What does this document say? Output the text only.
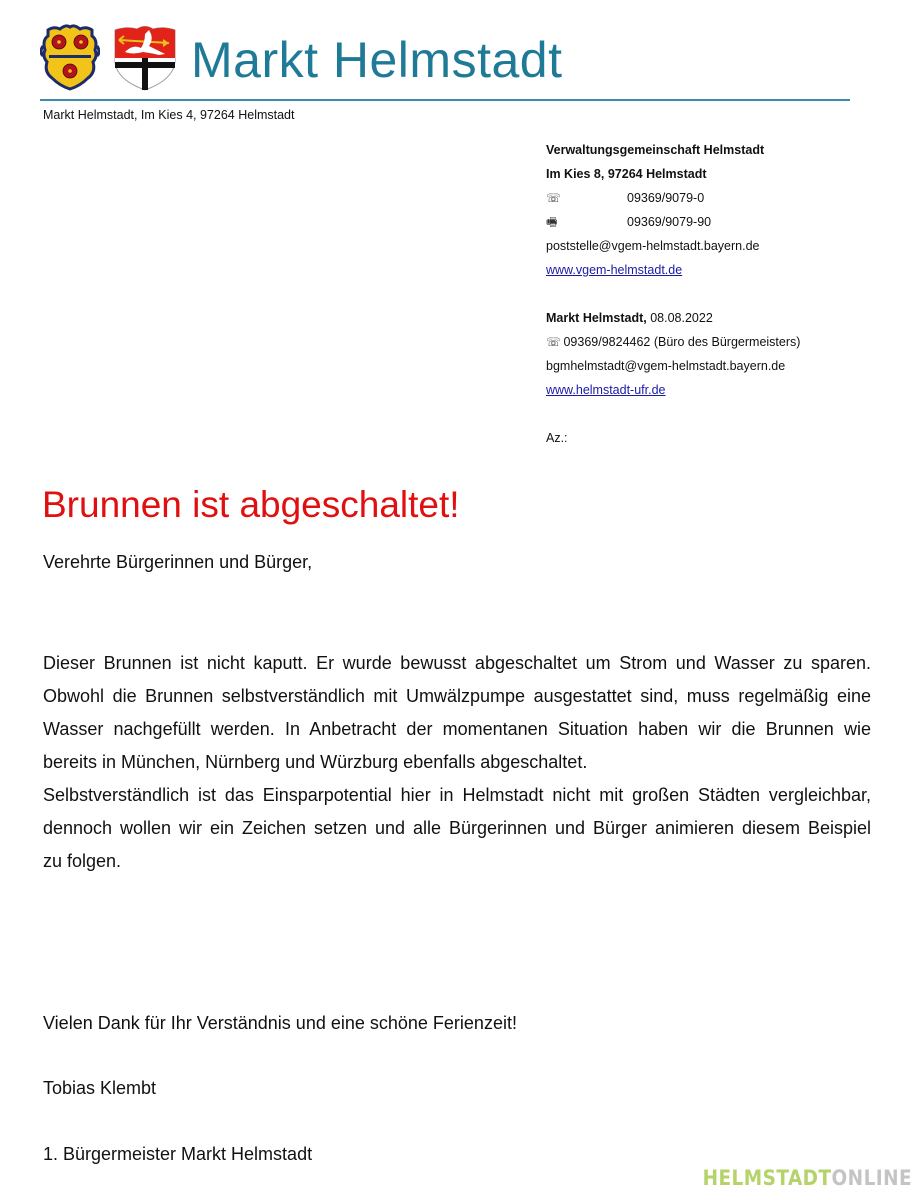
Markt Helmstadt
Markt Helmstadt, Im Kies 4, 97264 Helmstadt
Verwaltungsgemeinschaft Helmstadt
Im Kies 8, 97264 Helmstadt
☏	09369/9079-0
🖷	09369/9079-90
poststelle@vgem-helmstadt.bayern.de
www.vgem-helmstadt.de
Markt Helmstadt, 08.08.2022
☏ 09369/9824462 (Büro des Bürgermeisters)
bgmhelmstadt@vgem-helmstadt.bayern.de
www.helmstadt-ufr.de
Az.:
Brunnen ist abgeschaltet!
Verehrte Bürgerinnen und Bürger,
Dieser Brunnen ist nicht kaputt. Er wurde bewusst abgeschaltet um Strom und Wasser zu sparen.
Obwohl die Brunnen selbstverständlich mit Umwälzpumpe ausgestattet sind, muss regelmäßig eine
Wasser nachgefüllt werden. In Anbetracht der momentanen Situation haben wir die Brunnen wie
bereits in München, Nürnberg und Würzburg ebenfalls abgeschaltet.
Selbstverständlich ist das Einsparpotential hier in Helmstadt nicht mit großen Städten vergleichbar,
dennoch wollen wir ein Zeichen setzen und alle Bürgerinnen und Bürger animieren diesem Beispiel
zu folgen.
Vielen Dank für Ihr Verständnis und eine schöne Ferienzeit!
Tobias Klembt
1. Bürgermeister Markt Helmstadt
HELMSTADTONLINE
